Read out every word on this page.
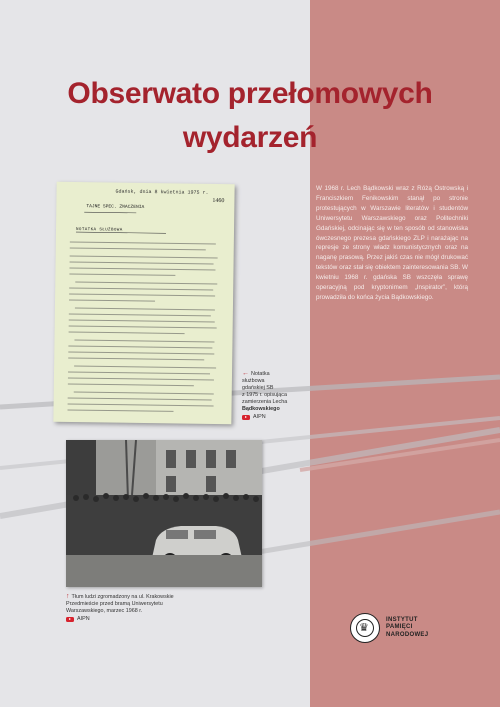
Obserwato przełomowych
wydarzeń
Gdańsk, dnia 8 kwietnia 1975 r.
1460
TAJNE SPEC. ZNACZENIA
NOTATKA SŁUŻBOWA
← Notatka
służbowa
gdańskiej SB
z 1975 r. opisująca
zamierzenia Lecha
Bądkowskiego
AIPN
↑ Tłum ludzi zgromadzony na ul. Krakowskie Przedmieście przed bramą Uniwersytetu Warszawskiego, marzec 1968 r.
AIPN
W 1968 r. Lech Bądkowski wraz z Różą Ostrowską i Franciszkiem Fenikowskim stanął po stronie protestujących w Warszawie literatów i studentów Uniwersytetu Warszawskiego oraz Politechniki Gdańskiej, odcinając się w ten sposób od stanowiska ówczesnego prezesa gdańskiego ZLP i narażając na represje ze strony władz komunistycznych oraz na naganę prasową. Przez jakiś czas nie mógł drukować tekstów oraz stał się obiektem zainteresowania SB. W kwietniu 1968 r. gdańska SB wszczęła sprawę operacyjną pod kryptonimem „Inspirator”, którą prowadziła do końca życia Bądkowskiego.
♛
INSTYTUT
PAMIĘCI
NARODOWEJ
